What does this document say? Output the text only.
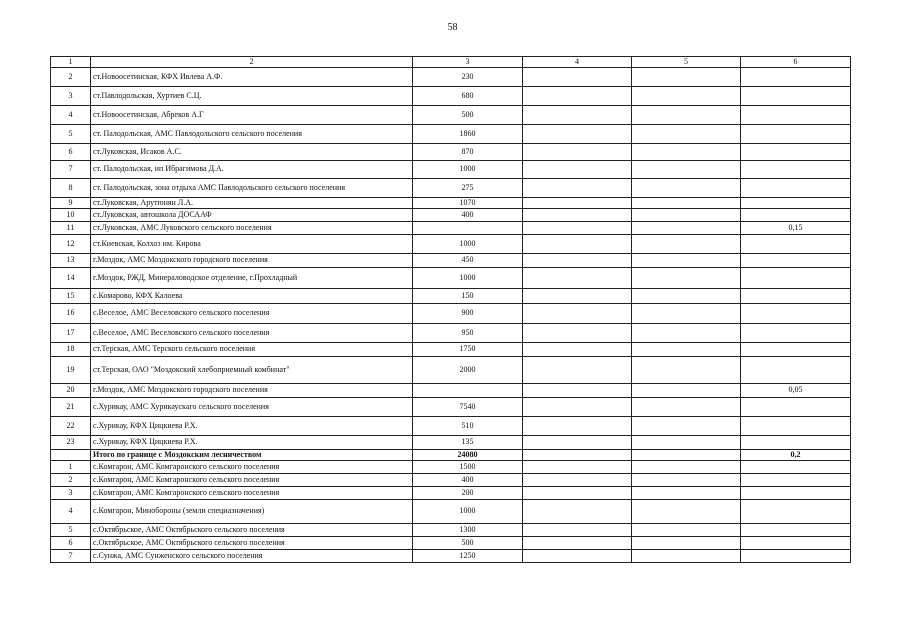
58
1	2	3	4	5	6
2	ст.Новоосетинская, КФХ Ивлева А.Ф.	230			
3	ст.Павлодольская, Хуртиев С.Ц.	680			
4	ст.Новоосетинская, Абреков А.Г	500			
5	ст. Палодольская, АМС Павлодольского сельского поселения	1860			
6	ст.Луковская, Исаков А.С.	870			
7	ст. Палодольская, ип Ибрагимова Д.А.	1000			
8	ст. Палодольская, зона отдыха АМС Павлодольского сельского поселения	275			
9	ст.Луковская, Арутюнян Л.А.	1070			
10	ст.Луковская, автошкола ДОСААФ	400			
11	ст.Луковская, АМС Луковского сельского поселения				0,15
12	ст.Киевская, Колхоз им. Кирова	1000			
13	г.Моздок, АМС Моздокского городского поселения	450			
14	г.Моздок, РЖД, Минераловодское отделение, г.Прохладный	1000			
15	с.Комарово, КФХ Калоева	150			
16	с.Веселое, АМС Веселовского сельского поселения	900			
17	с.Веселое, АМС Веселовского сельского поселения	950			
18	ст.Терская, АМС Терского сельского поселения	1750			
19	ст.Терская, ОАО "Моздокский хлебоприемный комбинат"	2000			
20	г.Моздок, АМС Моздокского городского поселения				0,05
21	с.Хурикау, АМС Хурикаускаго сельского поселения	7540			
22	с.Хурикау, КФХ Цицкиева Р.Х.	510			
23	с.Хурикау, КФХ Цицкиева Р.Х.	135			
	Итого по границе с Моздокским лесничеством	24080			0,2
1	с.Комгарон, АМС Комгаронского сельского поселения	1500			
2	с.Комгарон, АМС Комгаронского сельского поселения	400			
3	с.Комгарон, АМС Комгаронского сельского поселения	200			
4	с.Комгарон, Минобороны (земли специазначения)	1000			
5	с.Октябрьское, АМС Октябрьского сельского поселения	1300			
6	с.Октябрьское, АМС Октябрьского сельского поселения	500			
7	с.Сунжа, АМС Сунженского сельского поселения	1250			
